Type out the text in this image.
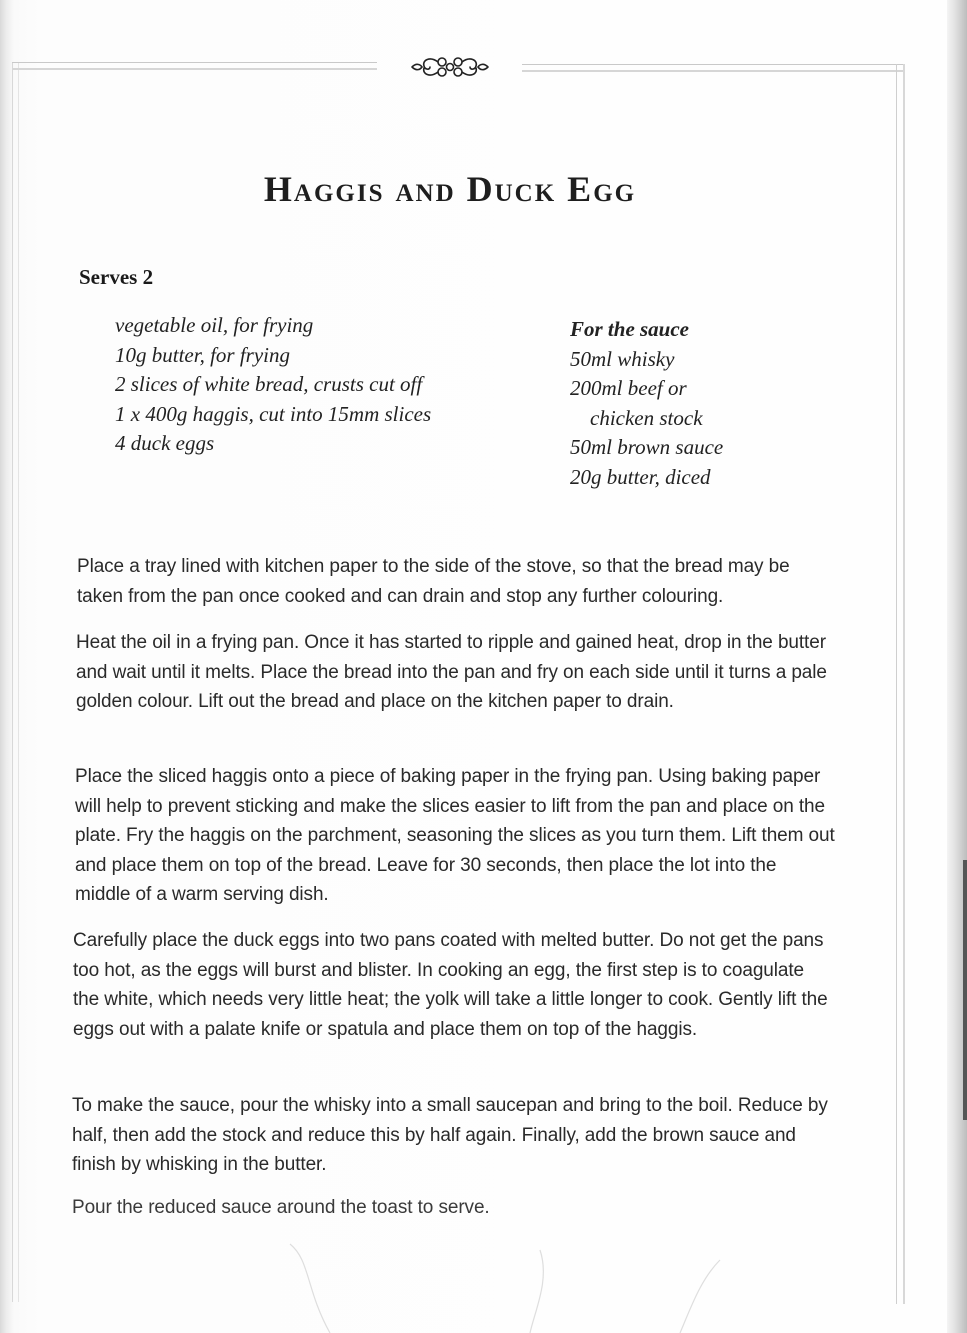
Haggis and Duck Egg

Serves 2

vegetable oil, for frying
10g butter, for frying
2 slices of white bread, crusts cut off
1 x 400g haggis, cut into 15mm slices
4 duck eggs
For the sauce
50ml whisky
200ml beef or
chicken stock
50ml brown sauce
20g butter, diced

Place a tray lined with kitchen paper to the side of the stove, so that the bread may be taken from the pan once cooked and can drain and stop any further colouring.

Heat the oil in a frying pan. Once it has started to ripple and gained heat, drop in the butter and wait until it melts. Place the bread into the pan and fry on each side until it turns a pale golden colour. Lift out the bread and place on the kitchen paper to drain.

Place the sliced haggis onto a piece of baking paper in the frying pan. Using baking paper will help to prevent sticking and make the slices easier to lift from the pan and place on the plate. Fry the haggis on the parchment, seasoning the slices as you turn them. Lift them out and place them on top of the bread. Leave for 30 seconds, then place the lot into the middle of a warm serving dish.

Carefully place the duck eggs into two pans coated with melted butter. Do not get the pans too hot, as the eggs will burst and blister. In cooking an egg, the first step is to coagulate the white, which needs very little heat; the yolk will take a little longer to cook. Gently lift the eggs out with a palate knife or spatula and place them on top of the haggis.

To make the sauce, pour the whisky into a small saucepan and bring to the boil. Reduce by half, then add the stock and reduce this by half again. Finally, add the brown sauce and finish by whisking in the butter.

Pour the reduced sauce around the toast to serve.
